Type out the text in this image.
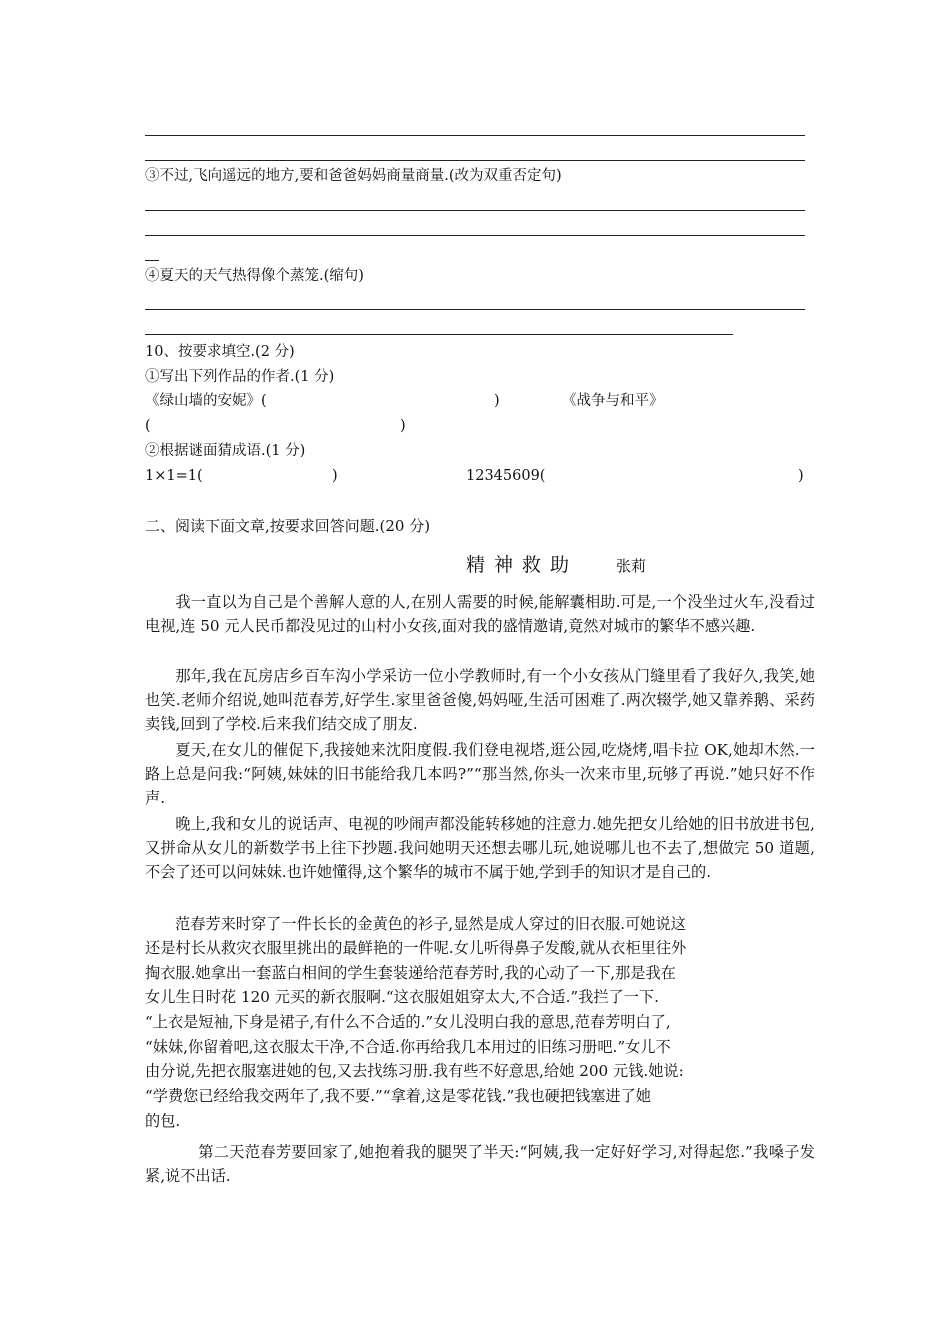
③不过,飞向遥远的地方,要和爸爸妈妈商量商量.(改为双重否定句)
④夏天的天气热得像个蒸笼.(缩句)
10、按要求填空.(2 分)
①写出下列作品的作者.(1 分)
《绿山墙的安妮》(	)	《战争与和平》
(	)
②根据谜面猜成语.(1 分)
1×1=1(	)	12345609(	)
二、阅读下面文章,按要求回答问题.(20 分)
精神救助	张莉

我一直以为自己是个善解人意的人,在别人需要的时候,能解囊相助.可是,一个没坐过火车,没看过电视,连 50 元人民币都没见过的山村小女孩,面对我的盛情邀请,竟然对城市的繁华不感兴趣.

那年,我在瓦房店乡百车沟小学采访一位小学教师时,有一个小女孩从门缝里看了我好久,我笑,她也笑.老师介绍说,她叫范春芳,好学生.家里爸爸傻,妈妈哑,生活可困难了.两次辍学,她又靠养鹅、采药卖钱,回到了学校.后来我们结交成了朋友.

夏天,在女儿的催促下,我接她来沈阳度假.我们登电视塔,逛公园,吃烧烤,唱卡拉 OK,她却木然.一路上总是问我:“阿姨,妹妹的旧书能给我几本吗?”“那当然,你头一次来市里,玩够了再说.”她只好不作声.

晚上,我和女儿的说话声、电视的吵闹声都没能转移她的注意力.她先把女儿给她的旧书放进书包,又拼命从女儿的新数学书上往下抄题.我问她明天还想去哪儿玩,她说哪儿也不去了,想做完 50 道题,不会了还可以问妹妹.也许她懂得,这个繁华的城市不属于她,学到手的知识才是自己的.

范春芳来时穿了一件长长的金黄色的衫子,显然是成人穿过的旧衣服.可她说这
还是村长从救灾衣服里挑出的最鲜艳的一件呢.女儿听得鼻子发酸,就从衣柜里往外
掏衣服.她拿出一套蓝白相间的学生套装递给范春芳时,我的心动了一下,那是我在
女儿生日时花 120 元买的新衣服啊.“这衣服姐姐穿太大,不合适.”我拦了一下.
“上衣是短袖,下身是裙子,有什么不合适的.”女儿没明白我的意思,范春芳明白了,
“妹妹,你留着吧,这衣服太干净,不合适.你再给我几本用过的旧练习册吧.”女儿不
由分说,先把衣服塞进她的包,又去找练习册.我有些不好意思,给她 200 元钱.她说:
“学费您已经给我交两年了,我不要.”“拿着,这是零花钱.”我也硬把钱塞进了她
的包.

第二天范春芳要回家了,她抱着我的腿哭了半天:“阿姨,我一定好好学习,对得起您.”我嗓子发紧,说不出话.
